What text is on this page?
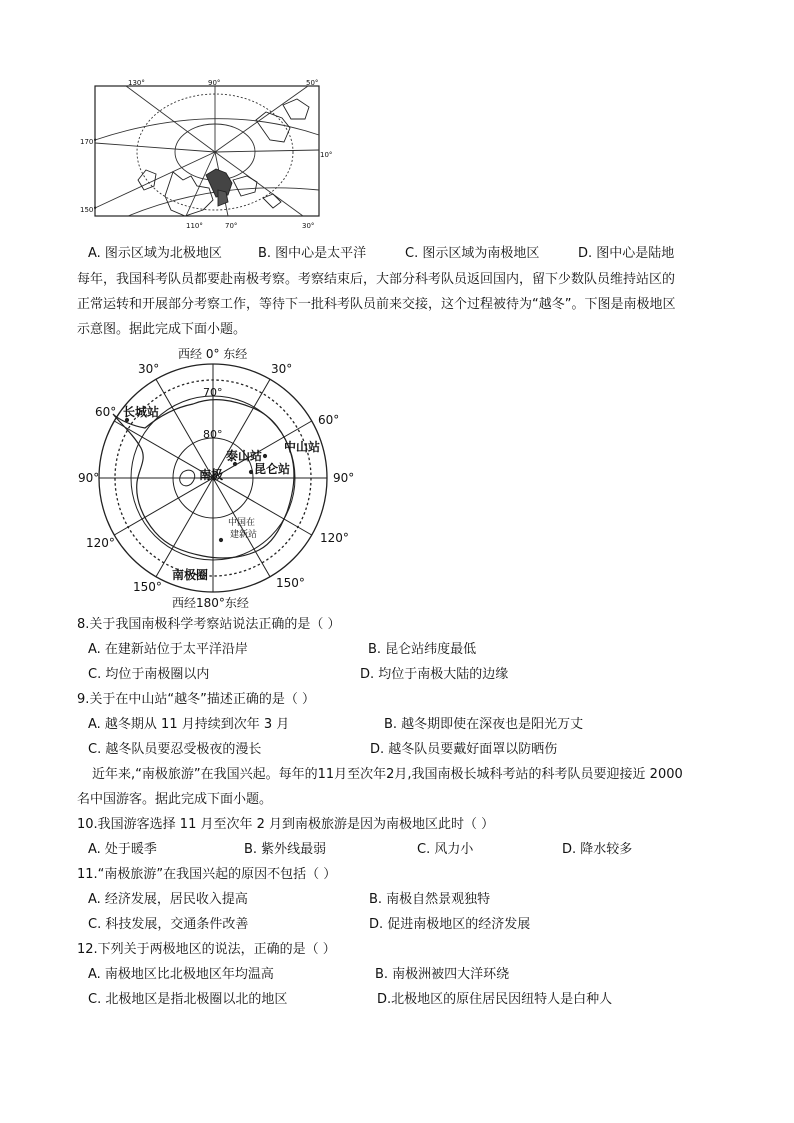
130°	90°	50°
170°
10°
150°
110°	70°	30°
A. 图示区域为北极地区	B. 图中心是太平洋	C. 图示区域为南极地区	D. 图中心是陆地
每年，我国科考队员都要赴南极考察。考察结束后，大部分科考队员返回国内，留下少数队员维持站区的
正常运转和开展部分考察工作，等待下一批科考队员前来交接，这个过程被待为“越冬”。下图是南极地区
示意图。据此完成下面小题。
西经 0° 东经
30°	30°
60°
60°
90°	90°
120°	120°
150°	150°
70°
80°
南极
长城站
中山站
泰山站
昆仑站
中国在
建新站
南极圈
西经180°东经
8.关于我国南极科学考察站说法正确的是（ ）
A. 在建新站位于太平洋沿岸	B. 昆仑站纬度最低
C. 均位于南极圈以内	D. 均位于南极大陆的边缘
9.关于在中山站“越冬”描述正确的是（ ）
A. 越冬期从 11 月持续到次年 3 月	B. 越冬期即使在深夜也是阳光万丈
C. 越冬队员要忍受极夜的漫长	D. 越冬队员要戴好面罩以防晒伤
近年来,“南极旅游”在我国兴起。每年的11月至次年2月,我国南极长城科考站的科考队员要迎接近 2000
名中国游客。据此完成下面小题。
10.我国游客选择 11 月至次年 2 月到南极旅游是因为南极地区此时（ ）
A. 处于暖季	B. 紫外线最弱	C. 风力小	D. 降水较多
11.“南极旅游”在我国兴起的原因不包括（ ）
A. 经济发展，居民收入提高	B. 南极自然景观独特
C. 科技发展，交通条件改善	D. 促进南极地区的经济发展
12.下列关于两极地区的说法，正确的是（ ）
A. 南极地区比北极地区年均温高	B. 南极洲被四大洋环绕
C. 北极地区是指北极圈以北的地区	D.北极地区的原住居民因纽特人是白种人
